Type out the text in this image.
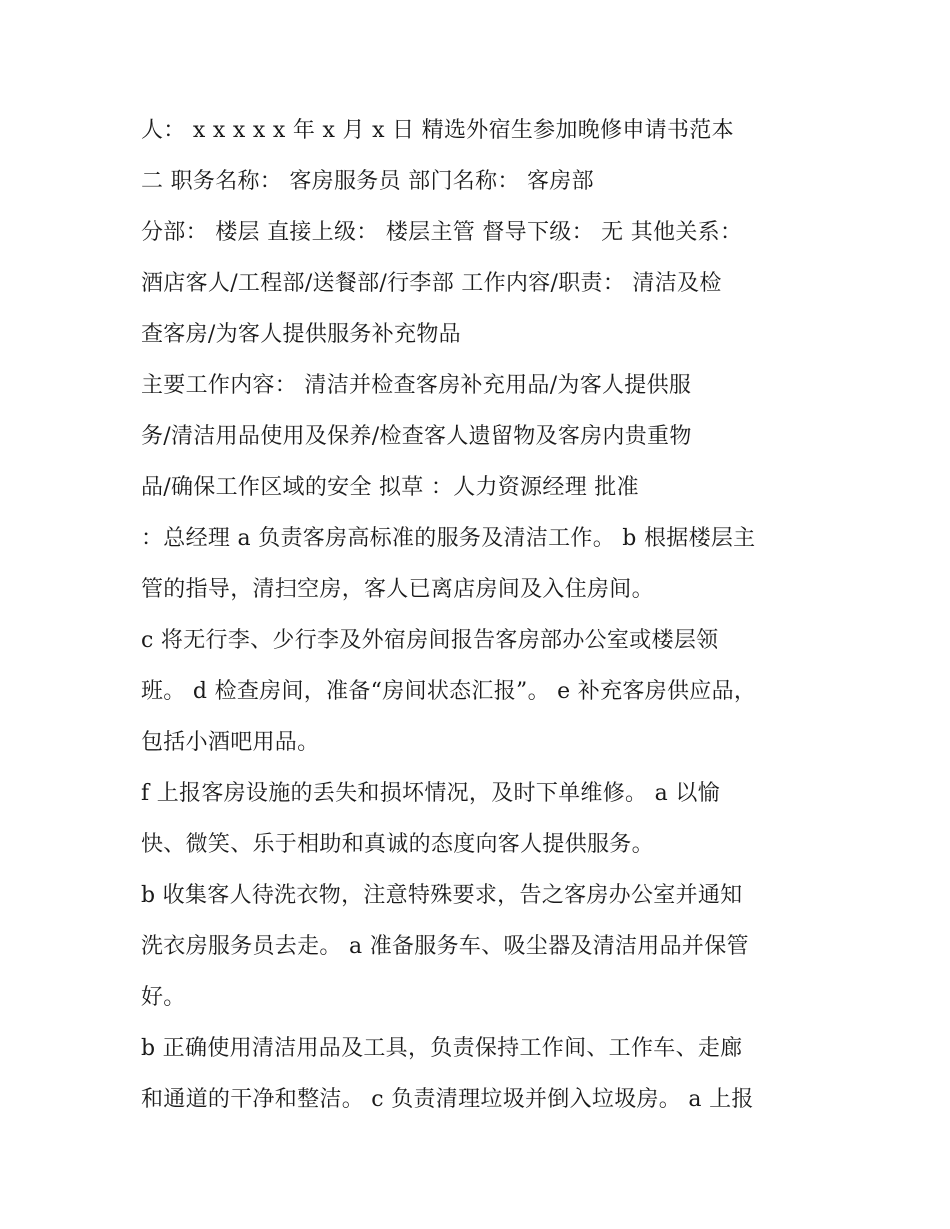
人： x x x x x 年 x 月 x 日 精选外宿生参加晚修申请书范本
二 职务名称： 客房服务员 部门名称： 客房部
分部： 楼层 直接上级： 楼层主管 督导下级： 无 其他关系：
酒店客人/工程部/送餐部/行李部 工作内容/职责： 清洁及检
查客房/为客人提供服务补充物品
主要工作内容： 清洁并检查客房补充用品/为客人提供服
务/清洁用品使用及保养/检查客人遗留物及客房内贵重物
品/确保工作区域的安全 拟草 ：人力资源经理 批准
：总经理 a 负责客房高标准的服务及清洁工作。 b 根据楼层主
管的指导，清扫空房，客人已离店房间及入住房间。
c 将无行李、少行李及外宿房间报告客房部办公室或楼层领
班。 d 检查房间，准备“房间状态汇报”。 e 补充客房供应品，
包括小酒吧用品。
f 上报客房设施的丢失和损坏情况，及时下单维修。 a 以愉
快、微笑、乐于相助和真诚的态度向客人提供服务。
b 收集客人待洗衣物，注意特殊要求，告之客房办公室并通知
洗衣房服务员去走。 a 准备服务车、吸尘器及清洁用品并保管
好。
b 正确使用清洁用品及工具，负责保持工作间、工作车、走廊
和通道的干净和整洁。 c 负责清理垃圾并倒入垃圾房。 a 上报
